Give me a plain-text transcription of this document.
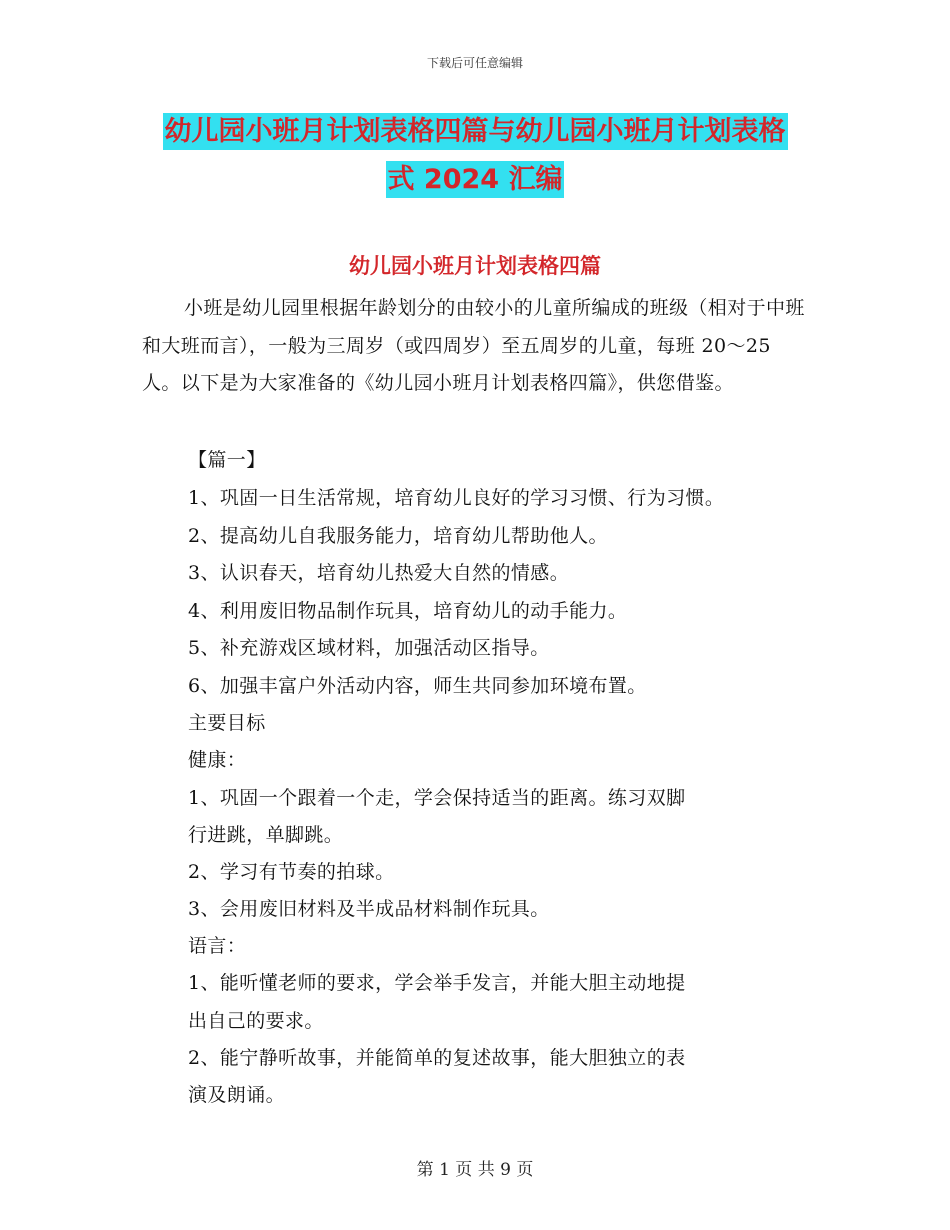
下载后可任意编辑
幼儿园小班月计划表格四篇与幼儿园小班月计划表格
式 2024 汇编
幼儿园小班月计划表格四篇

小班是幼儿园里根据年龄划分的由较小的儿童所编成的班级（相对于中班和大班而言），一般为三周岁（或四周岁）至五周岁的儿童，每班 20～25 人。以下是为大家准备的《幼儿园小班月计划表格四篇》，供您借鉴。

【篇一】

1、巩固一日生活常规，培育幼儿良好的学习习惯、行为习惯。

2、提高幼儿自我服务能力，培育幼儿帮助他人。

3、认识春天，培育幼儿热爱大自然的情感。

4、利用废旧物品制作玩具，培育幼儿的动手能力。

5、补充游戏区域材料，加强活动区指导。

6、加强丰富户外活动内容，师生共同参加环境布置。

主要目标

健康：

1、巩固一个跟着一个走，学会保持适当的距离。练习双脚

行进跳，单脚跳。

2、学习有节奏的拍球。

3、会用废旧材料及半成品材料制作玩具。

语言：

1、能听懂老师的要求，学会举手发言，并能大胆主动地提

出自己的要求。

2、能宁静听故事，并能简单的复述故事，能大胆独立的表

演及朗诵。

第 1 页 共 9 页
